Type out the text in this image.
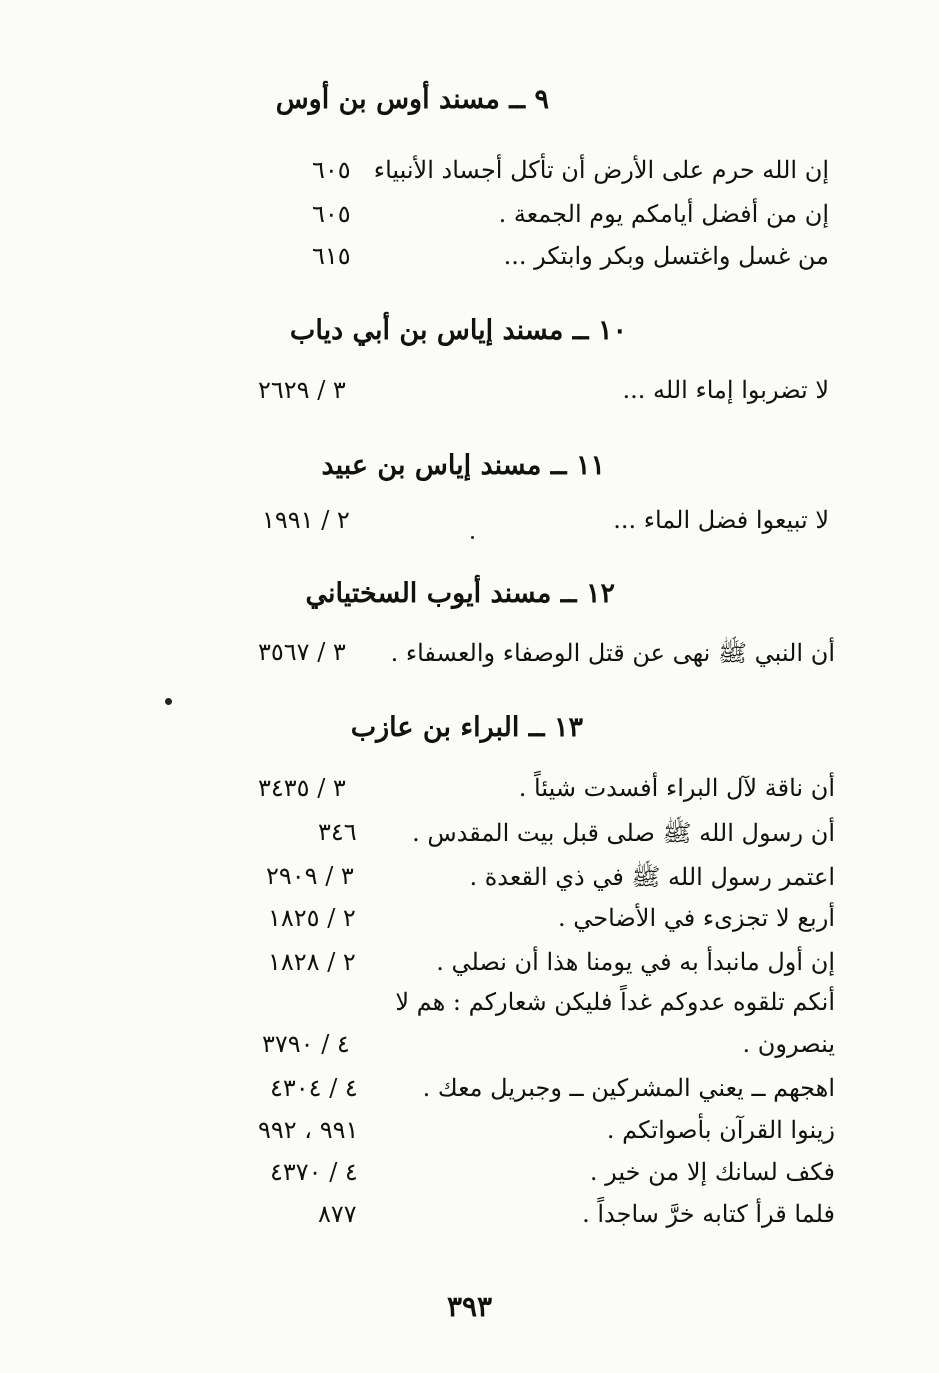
٩ ــ مسند أوس بن أوس
إن الله حرم على الأرض أن تأكل أجساد الأنبياء
٦٠٥
إن من أفضل أيامكم يوم الجمعة .
٦٠٥
من غسل واغتسل وبكر وابتكر ...
٦١٥
١٠ ــ مسند إياس بن أبي دياب
لا تضربوا إماء الله ...
٣ / ٢٦٢٩
١١ ــ مسند إياس بن عبيد
لا تبيعوا فضل الماء ...
٢ / ١٩٩١
١٢ ــ مسند أيوب السختياني
أن النبي ﷺ نهى عن قتل الوصفاء والعسفاء .
٣ / ٣٥٦٧
١٣ ــ البراء بن عازب
أن ناقة لآل البراء أفسدت شيئاً .
٣ / ٣٤٣٥
أن رسول الله ﷺ صلى قبل بيت المقدس .
٣٤٦
اعتمر رسول الله ﷺ في ذي القعدة .
٣ / ٢٩٠٩
أربع لا تجزىء في الأضاحي .
٢ / ١٨٢٥
إن أول مانبدأ به في يومنا هذا أن نصلي .
٢ / ١٨٢٨
أنكم تلقوه عدوكم غداً فليكن شعاركم : هم لا
ينصرون .
٤ / ٣٧٩٠
اهجهم ــ يعني المشركين ــ وجبريل معك .
٤ / ٤٣٠٤
زينوا القرآن بأصواتكم .
٩٩١ ، ٩٩٢
فكف لسانك إلا من خير .
٤ / ٤٣٧٠
فلما قرأ كتابه خرَّ ساجداً .
٨٧٧
٣٩٣
